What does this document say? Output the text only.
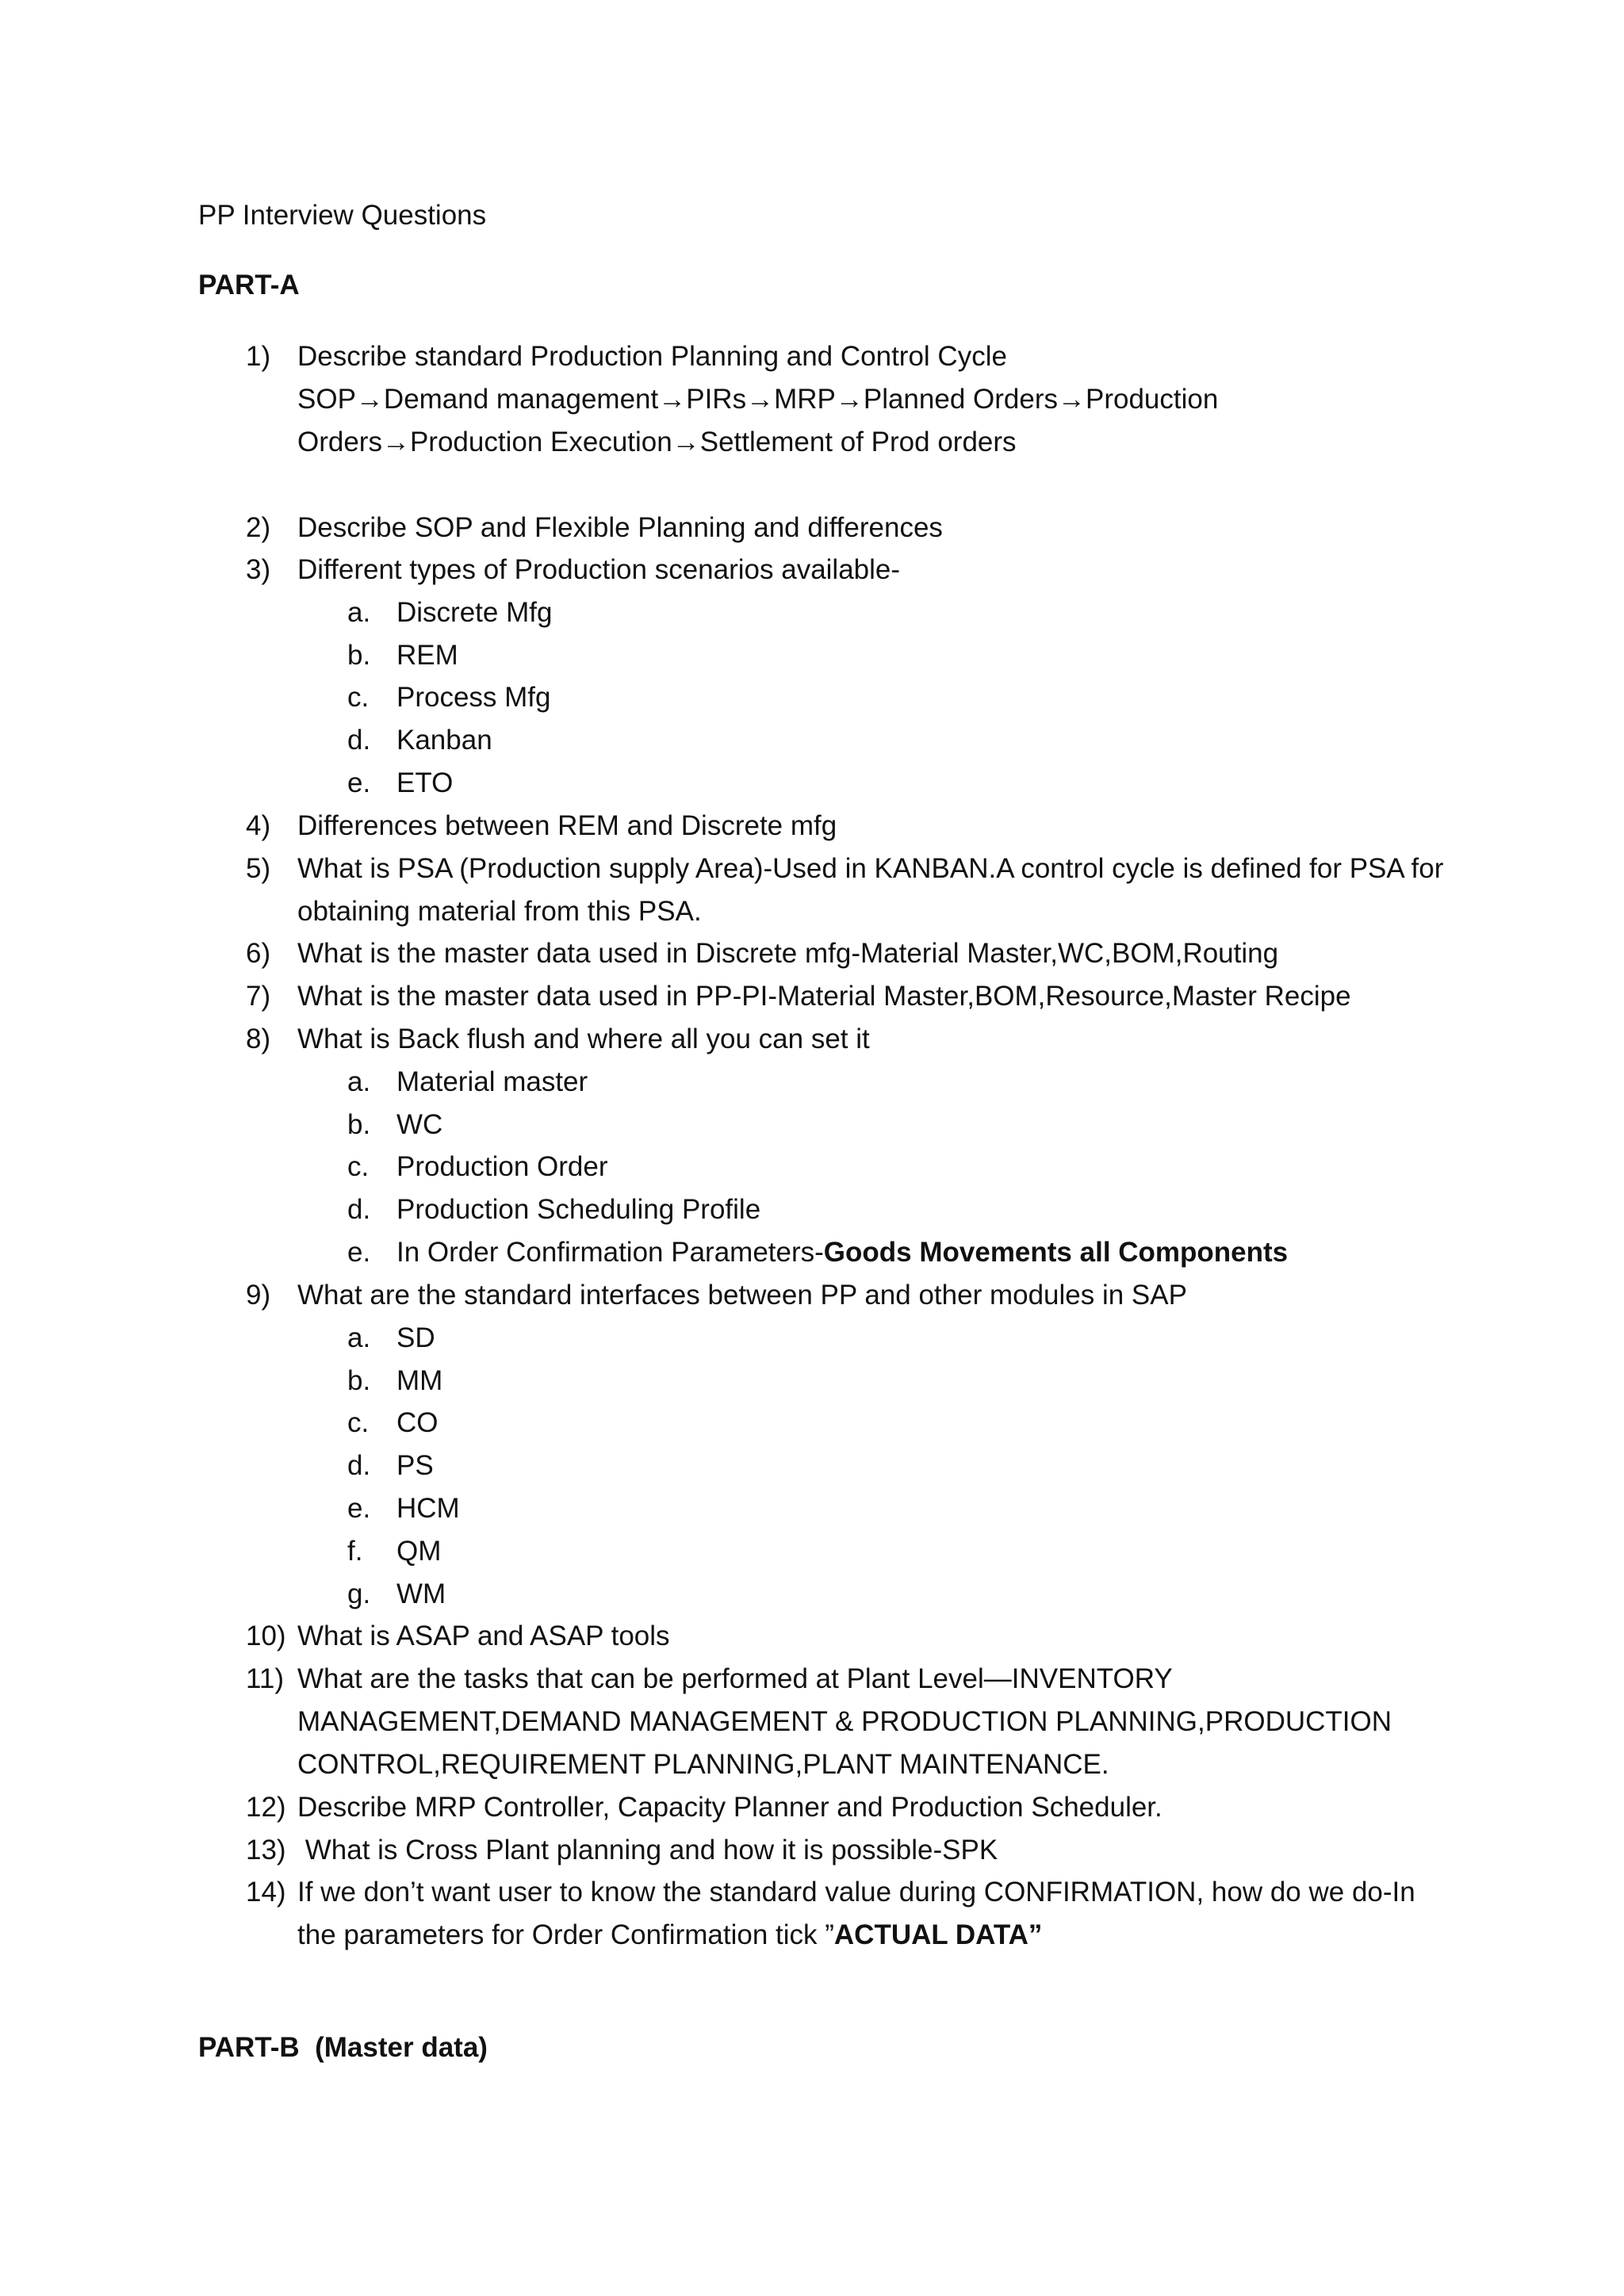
PP Interview Questions
PART-A
1) Describe standard Production Planning and Control Cycle
SOP→Demand management→PIRs→MRP→Planned Orders→Production
Orders→Production Execution→Settlement of Prod orders
2) Describe SOP and Flexible Planning and differences
3) Different types of Production scenarios available-
a. Discrete Mfg
b. REM
c. Process Mfg
d. Kanban
e. ETO
4) Differences between REM and Discrete mfg
5) What is PSA (Production supply Area)-Used in KANBAN.A control cycle is defined for PSA for
obtaining material from this PSA.
6) What is the master data used in Discrete mfg-Material Master,WC,BOM,Routing
7) What is the master data used in PP-PI-Material Master,BOM,Resource,Master Recipe
8) What is Back flush and where all you can set it
a. Material master
b. WC
c. Production Order
d. Production Scheduling Profile
e. In Order Confirmation Parameters-Goods Movements all Components
9) What are the standard interfaces between PP and other modules in SAP
a. SD
b. MM
c. CO
d. PS
e. HCM
f. QM
g. WM
10) What is ASAP and ASAP tools
11) What are the tasks that can be performed at Plant Level—INVENTORY
MANAGEMENT,DEMAND MANAGEMENT & PRODUCTION PLANNING,PRODUCTION
CONTROL,REQUIREMENT PLANNING,PLANT MAINTENANCE.
12) Describe MRP Controller, Capacity Planner and Production Scheduler.
13) What is Cross Plant planning and how it is possible-SPK
14) If we don’t want user to know the standard value during CONFIRMATION, how do we do-In
the parameters for Order Confirmation tick ”ACTUAL DATA”
PART-B  (Master data)
